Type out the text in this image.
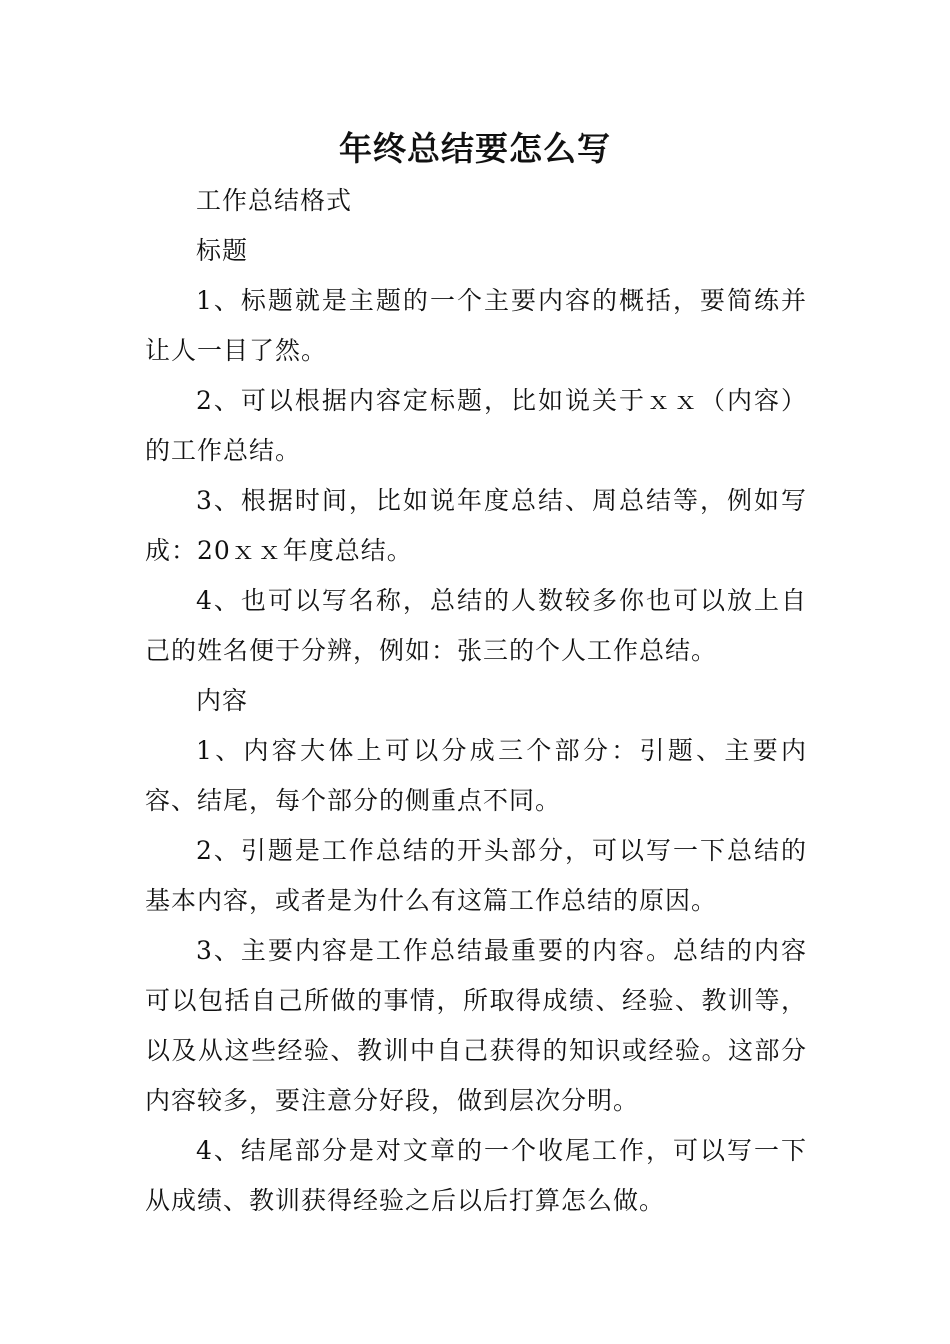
年终总结要怎么写

工作总结格式

标题

1、标题就是主题的一个主要内容的概括，要简练并让人一目了然。

2、可以根据内容定标题，比如说关于ｘｘ（内容）的工作总结。

3、根据时间，比如说年度总结、周总结等，例如写成：20ｘｘ年度总结。

4、也可以写名称，总结的人数较多你也可以放上自己的姓名便于分辨，例如：张三的个人工作总结。

内容

1、内容大体上可以分成三个部分：引题、主要内容、结尾，每个部分的侧重点不同。

2、引题是工作总结的开头部分，可以写一下总结的基本内容，或者是为什么有这篇工作总结的原因。

3、主要内容是工作总结最重要的内容。总结的内容可以包括自己所做的事情，所取得成绩、经验、教训等，以及从这些经验、教训中自己获得的知识或经验。这部分内容较多，要注意分好段，做到层次分明。

4、结尾部分是对文章的一个收尾工作，可以写一下从成绩、教训获得经验之后以后打算怎么做。
